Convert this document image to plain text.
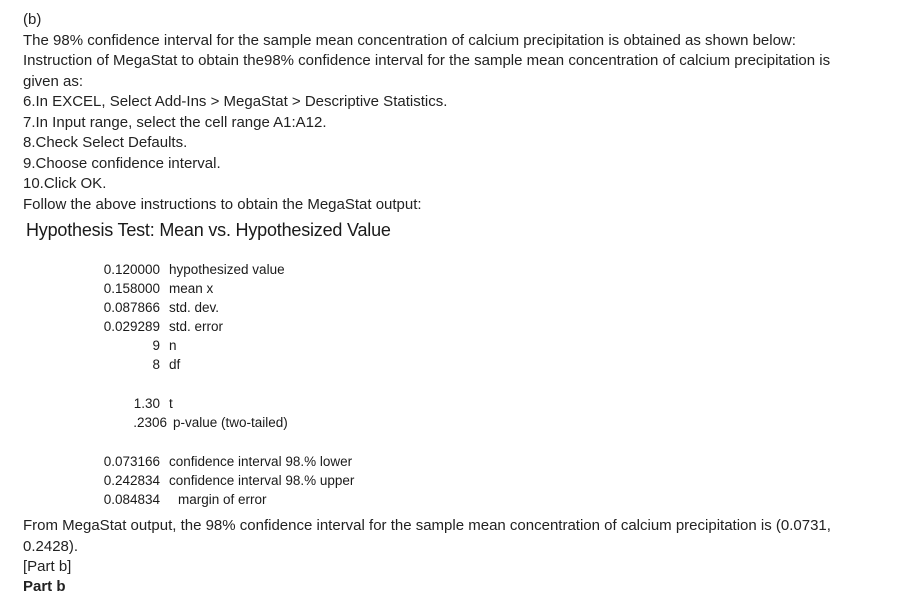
(b)
The 98% confidence interval for the sample mean concentration of calcium precipitation is obtained as shown below:
Instruction of MegaStat to obtain the98% confidence interval for the sample mean concentration of calcium precipitation is
given as:
6.In EXCEL, Select Add-Ins > MegaStat > Descriptive Statistics.
7.In Input range, select the cell range A1:A12.
8.Check Select Defaults.
9.Choose confidence interval.
10.Click OK.
Follow the above instructions to obtain the MegaStat output:
Hypothesis Test: Mean vs. Hypothesized Value
0.120000 hypothesized value
0.158000 mean x
0.087866 std. dev.
0.029289 std. error
9 n
8 df
1.30 t
.2306 p-value (two-tailed)
0.073166 confidence interval 98.% lower
0.242834 confidence interval 98.% upper
0.084834 margin of error
From MegaStat output, the 98% confidence interval for the sample mean concentration of calcium precipitation is (0.0731,
0.2428).
[Part b]
Part b
